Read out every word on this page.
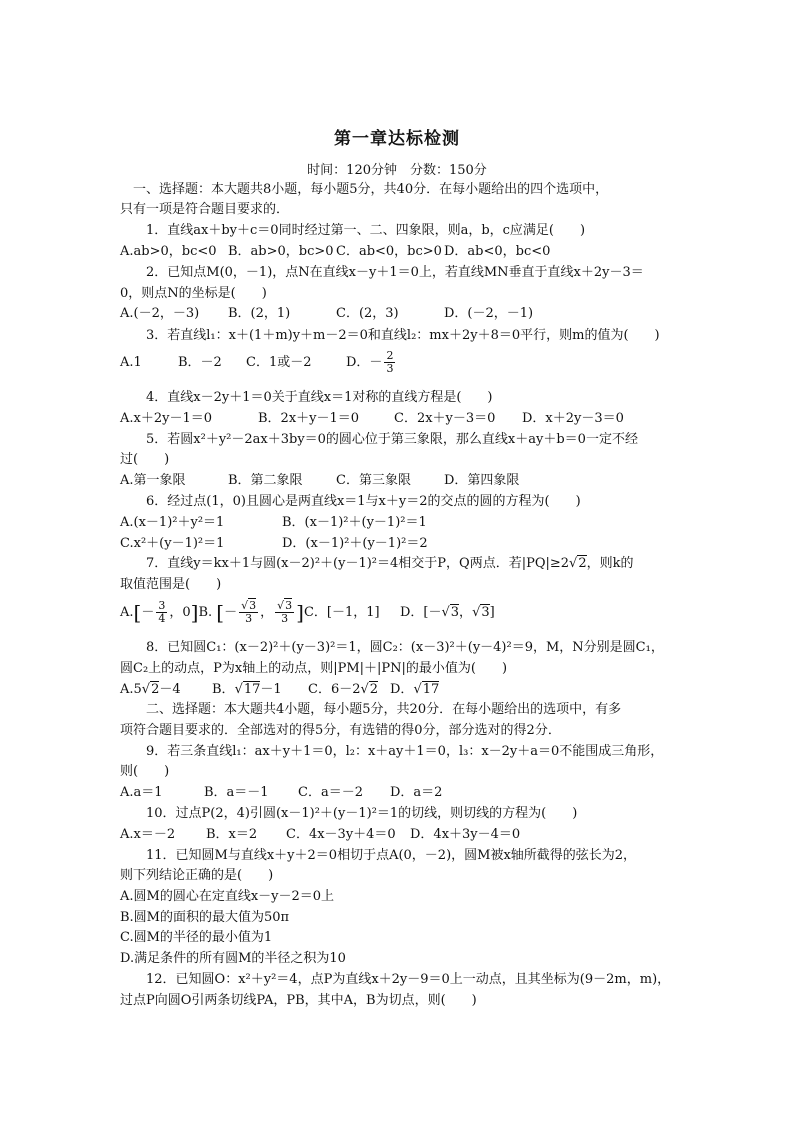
第一章达标检测
时间：120分钟　分数：150分
　一、选择题：本大题共8小题，每小题5分，共40分．在每小题给出的四个选项中，
只有一项是符合题目要求的．
1．直线ax＋by＋c＝0同时经过第一、二、四象限，则a，b，c应满足(　　)
A.ab>0，bc<0 B．ab>0，bc>0 C．ab<0，bc>0 D．ab<0，bc<0
2．已知点M(0，－1)，点N在直线x－y＋1＝0上，若直线MN垂直于直线x＋2y－3＝
0，则点N的坐标是(　　)
A.(－2，－3) B．(2，1)	C．(2，3)	D．(－2，－1)
3．若直线l₁：x＋(1＋m)y＋m－2＝0和直线l₂：mx＋2y＋8＝0平行，则m的值为(　　)
A.1	B．－2 C．1或－2	D．－ $\frac{2}{3}$
4．直线x－2y＋1＝0关于直线x＝1对称的直线方程是(　　)
A.x＋2y－1＝0	B．2x＋y－1＝0	C．2x＋y－3＝0 D．x＋2y－3＝0
5．若圆x²＋y²－2ax＋3by＝0的圆心位于第三象限，那么直线x＋ay＋b＝0一定不经
过(　　)
A.第一象限	B．第二象限	C．第三象限	D．第四象限
6．经过点(1，0)且圆心是两直线x＝1与x＋y＝2的交点的圆的方程为(　　)
A.(x－1)²＋y²＝1	B．(x－1)²＋(y－1)²＝1
C.x²＋(y－1)²＝1	D．(x－1)²＋(y－1)²＝2
7．直线y＝kx＋1与圆(x－2)²＋(y－1)²＝4相交于P，Q两点．若|PQ|≥2√2，则k的
取值范围是(　　)
$A.[- \frac{3}{4}$ ，0]B. [－ $\frac{√3}{3}$ ， $\frac{√3}{3} ]C$．[－1，1] D．[－√3，√3]
8．已知圆C₁：(x－2)²＋(y－3)²＝1，圆C₂：(x－3)²＋(y－4)²＝9，M，N分别是圆C₁，
圆C₂上的动点，P为x轴上的动点，则|PM|＋|PN|的最小值为(　　)
A.5√2－4 B．√17－1 C．6－2√2 D．√17
二、选择题：本大题共4小题，每小题5分，共20分．在每小题给出的选项中，有多
项符合题目要求的．全部选对的得5分，有选错的得0分，部分选对的得2分．
9．若三条直线l₁：ax＋y＋1＝0，l₂：x＋ay＋1＝0，l₃：x－2y＋a＝0不能围成三角形，
则(　　)
A.a＝1	B．a＝－1 C．a＝－2 D．a＝2
10．过点P(2，4)引圆(x－1)²＋(y－1)²＝1的切线，则切线的方程为(　　)
A.x＝－2 B．x＝2 C．4x－3y＋4＝0 D．4x＋3y－4＝0
11．已知圆M与直线x＋y＋2＝0相切于点A(0，－2)，圆M被x轴所截得的弦长为2，
则下列结论正确的是(　　)
A.圆M的圆心在定直线x－y－2＝0上
B.圆M的面积的最大值为50π
C.圆M的半径的最小值为1
D.满足条件的所有圆M的半径之积为10
12．已知圆O：x²＋y²＝4，点P为直线x＋2y－9＝0上一动点，且其坐标为(9－2m，m)，
过点P向圆O引两条切线PA，PB，其中A，B为切点，则(　　)
